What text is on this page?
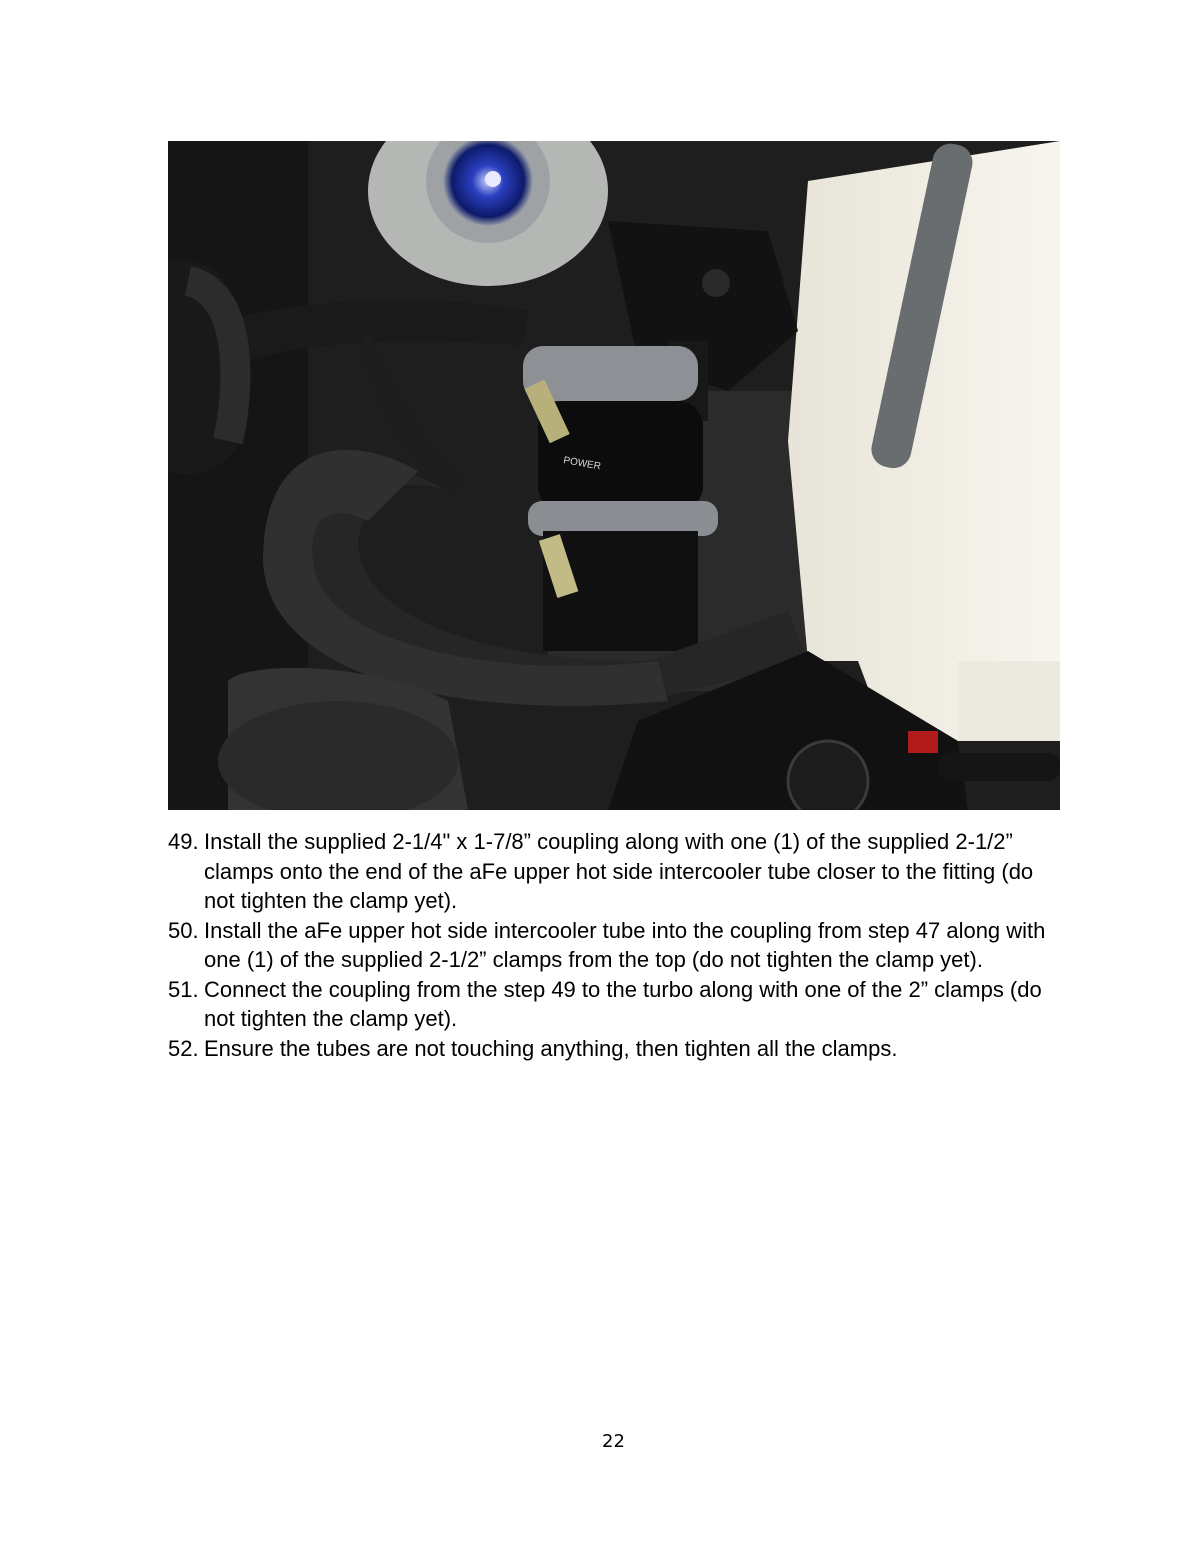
POWER
49. Install the supplied 2-1/4" x 1-7/8” coupling along with one (1) of the supplied 2-1/2” clamps onto the end of the aFe upper hot side intercooler tube closer to the fitting (do not tighten the clamp yet).
50. Install the aFe upper hot side intercooler tube into the coupling from step 47 along with one (1) of the supplied 2-1/2” clamps from the top (do not tighten the clamp yet).
51. Connect the coupling from the step 49 to the turbo along with one of the 2” clamps (do not tighten the clamp yet).
52. Ensure the tubes are not touching anything, then tighten all the clamps.
22
